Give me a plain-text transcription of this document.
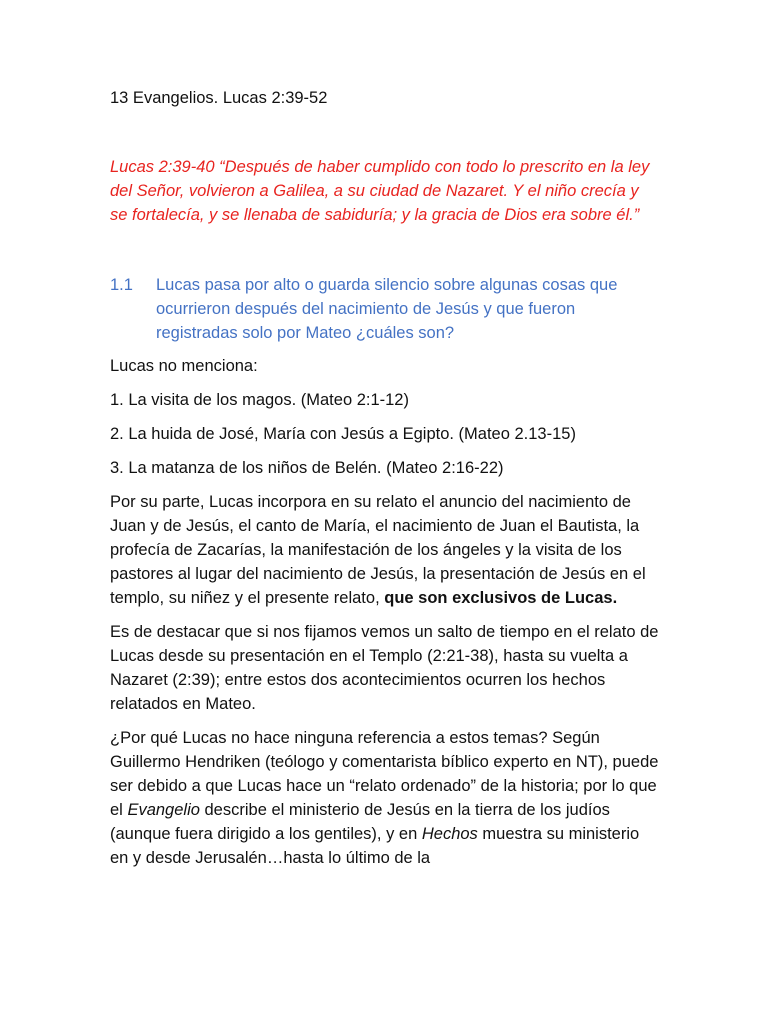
13 Evangelios. Lucas 2:39-52
Lucas 2:39-40 “Después de haber cumplido con todo lo prescrito en la ley del Señor, volvieron a Galilea, a su ciudad de Nazaret. Y el niño crecía y se fortalecía, y se llenaba de sabiduría; y la gracia de Dios era sobre él.”
1.1	Lucas pasa por alto o guarda silencio sobre algunas cosas que ocurrieron después del nacimiento de Jesús y que fueron registradas solo por Mateo ¿cuáles son?

Lucas no menciona:

1. La visita de los magos. (Mateo 2:1-12)

2. La huida de José, María con Jesús a Egipto. (Mateo 2.13-15)

3. La matanza de los niños de Belén. (Mateo 2:16-22)

Por su parte, Lucas incorpora en su relato el anuncio del nacimiento de Juan y de Jesús, el canto de María, el nacimiento de Juan el Bautista, la profecía de Zacarías, la manifestación de los ángeles y la visita de los pastores al lugar del nacimiento de Jesús, la presentación de Jesús en el templo, su niñez y el presente relato, que son exclusivos de Lucas.

Es de destacar que si nos fijamos vemos un salto de tiempo en el relato de Lucas desde su presentación en el Templo (2:21-38), hasta su vuelta a Nazaret (2:39); entre estos dos acontecimientos ocurren los hechos relatados en Mateo.

¿Por qué Lucas no hace ninguna referencia a estos temas? Según Guillermo Hendriken (teólogo y comentarista bíblico experto en NT), puede ser debido a que Lucas hace un “relato ordenado” de la historia; por lo que el Evangelio describe el ministerio de Jesús en la tierra de los judíos (aunque fuera dirigido a los gentiles), y en Hechos muestra su ministerio en y desde Jerusalén…hasta lo último de la
